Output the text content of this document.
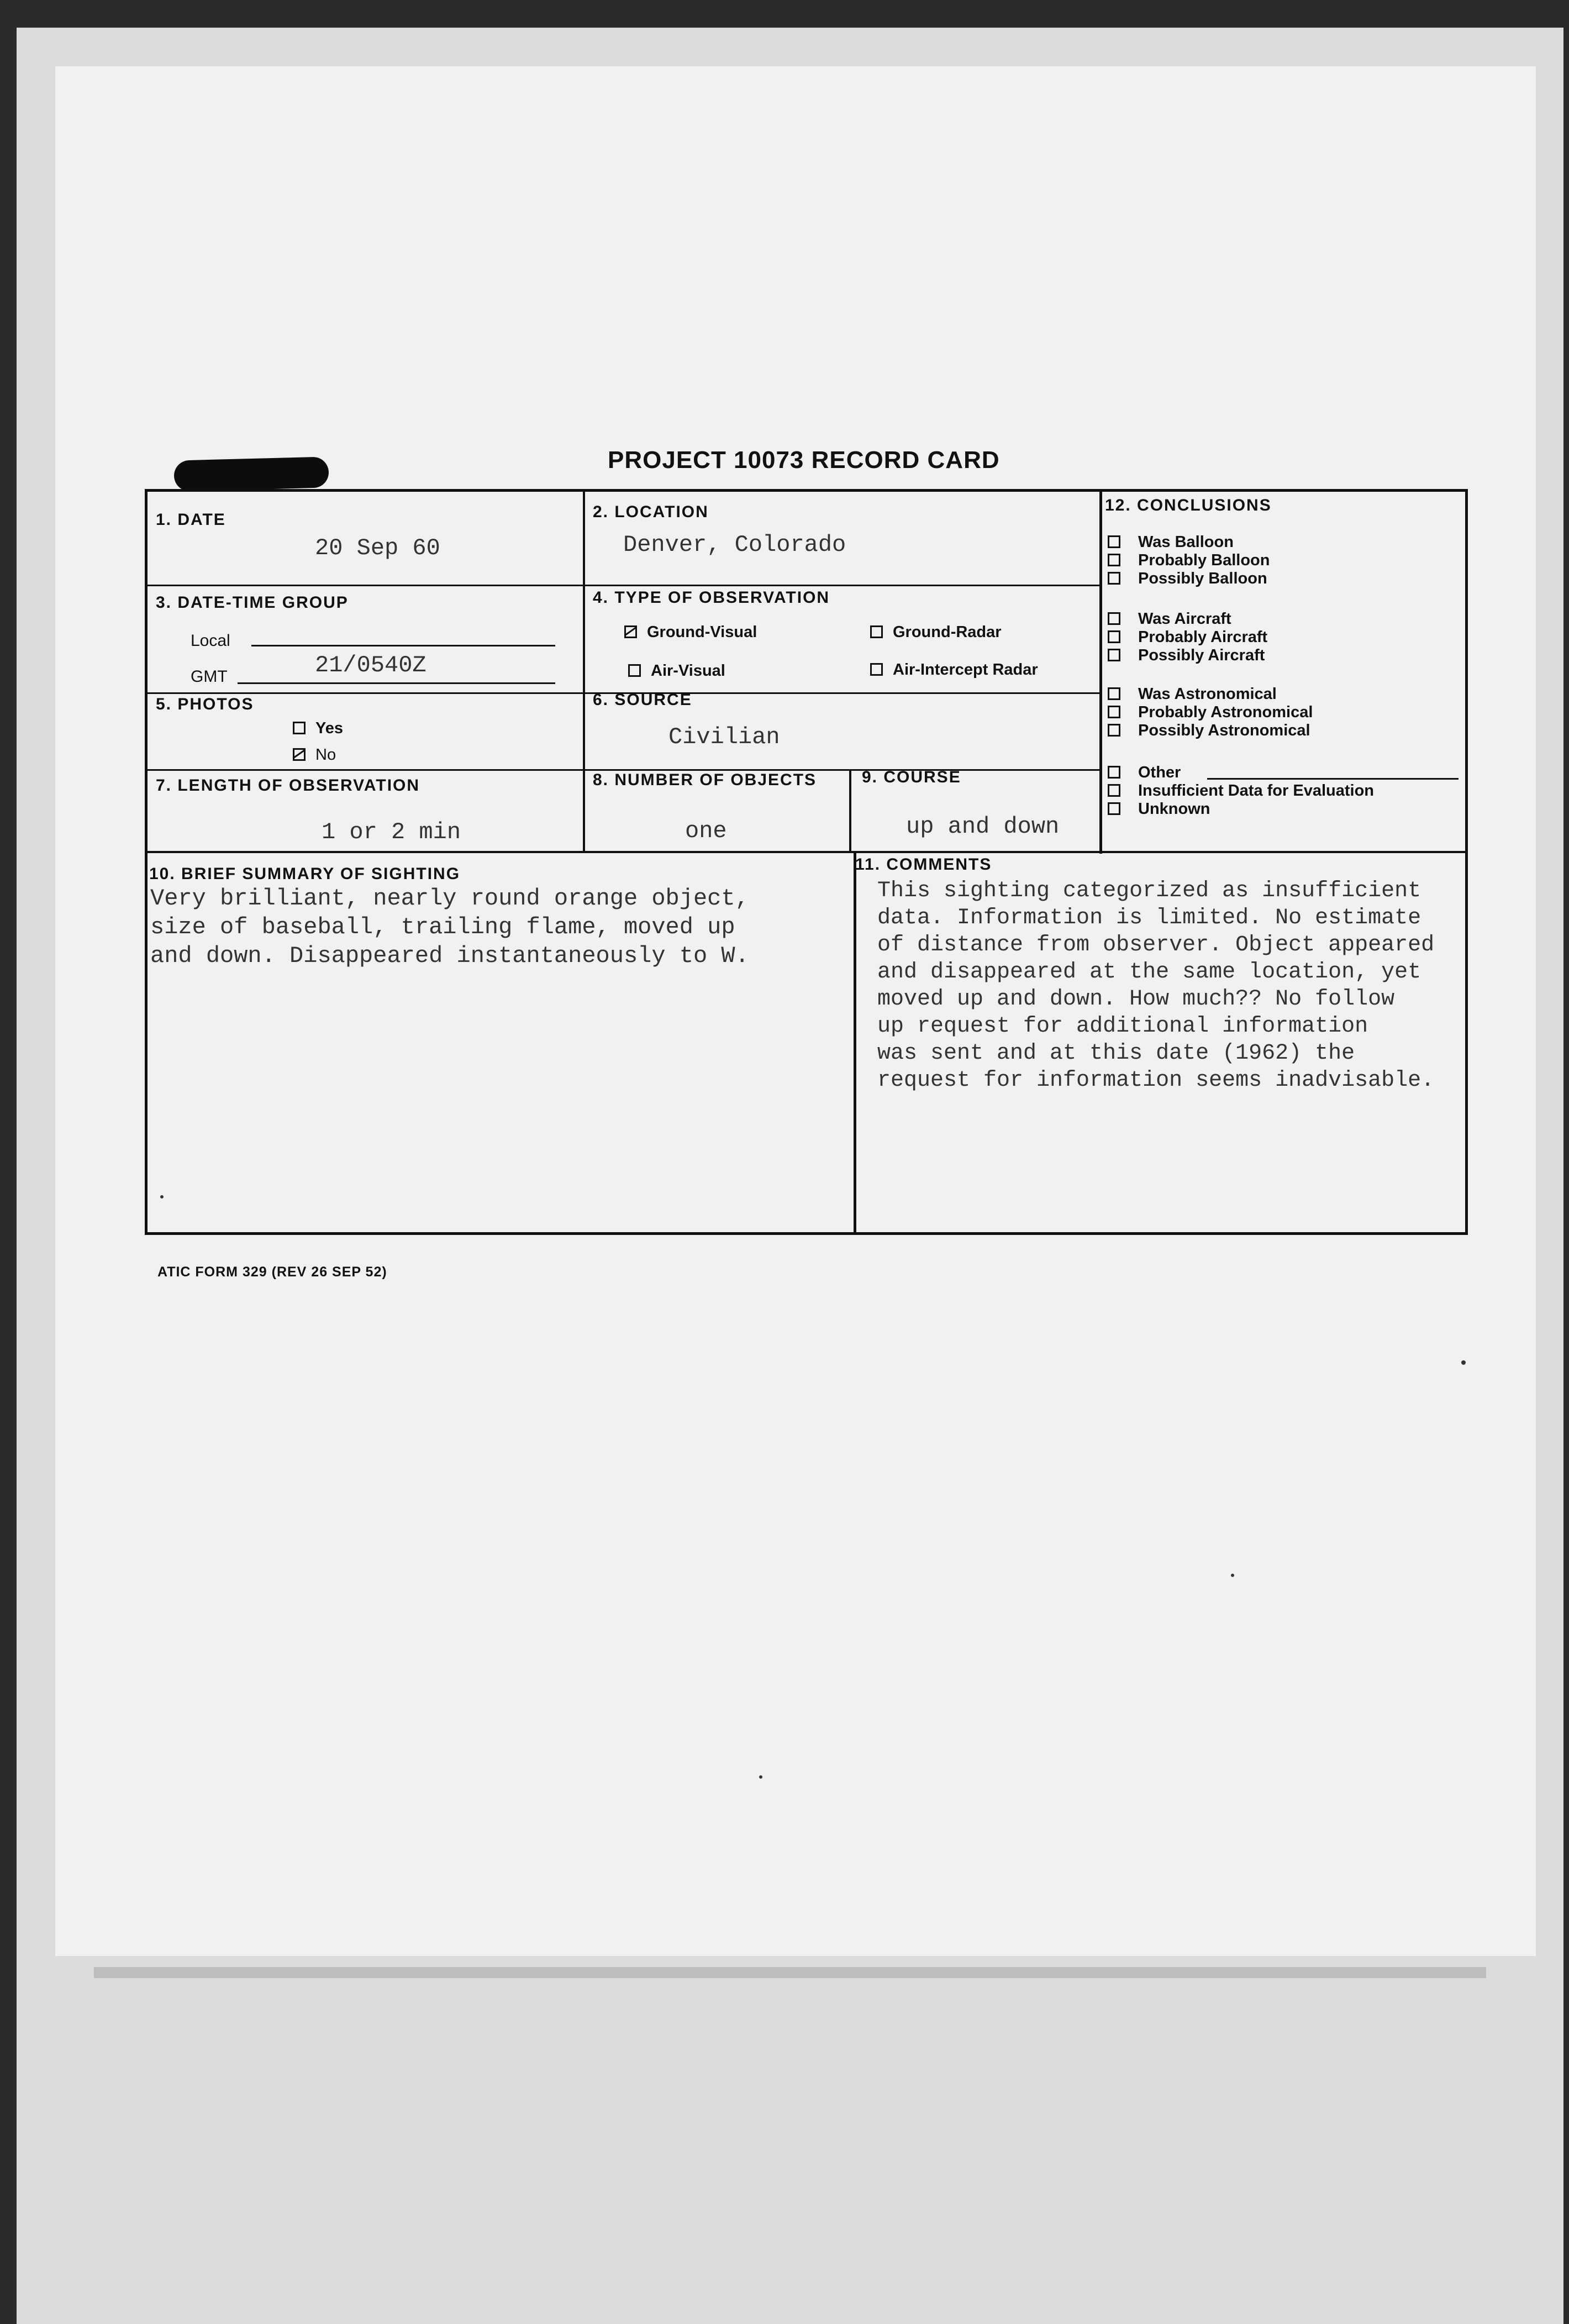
PROJECT 10073 RECORD CARD
1. DATE
20 Sep 60
2. LOCATION
Denver, Colorado
3. DATE-TIME GROUP
Local
GMT	21/0540Z
4. TYPE OF OBSERVATION
Ground-Visual	Ground-Radar
Air-Visual	Air-Intercept Radar
5. PHOTOS
Yes
No
6. SOURCE
Civilian
7. LENGTH OF OBSERVATION
1 or 2 min
8. NUMBER OF OBJECTS
one
9. COURSE
up and down
10. BRIEF SUMMARY OF SIGHTING
Very brilliant, nearly round orange object,
size of baseball, trailing flame, moved up
and down. Disappeared instantaneously to W.
11. COMMENTS
This sighting categorized as insufficient
data. Information is limited. No estimate
of distance from observer. Object appeared
and disappeared at the same location, yet
moved up and down. How much?? No follow
up request for additional information
was sent and at this date (1962) the
request for information seems inadvisable.
12. CONCLUSIONS
Was Balloon
Probably Balloon
Possibly Balloon
Was Aircraft
Probably Aircraft
Possibly Aircraft
Was Astronomical
Probably Astronomical
Possibly Astronomical
Other
Insufficient Data for Evaluation
Unknown
ATIC FORM 329 (REV 26 SEP 52)
